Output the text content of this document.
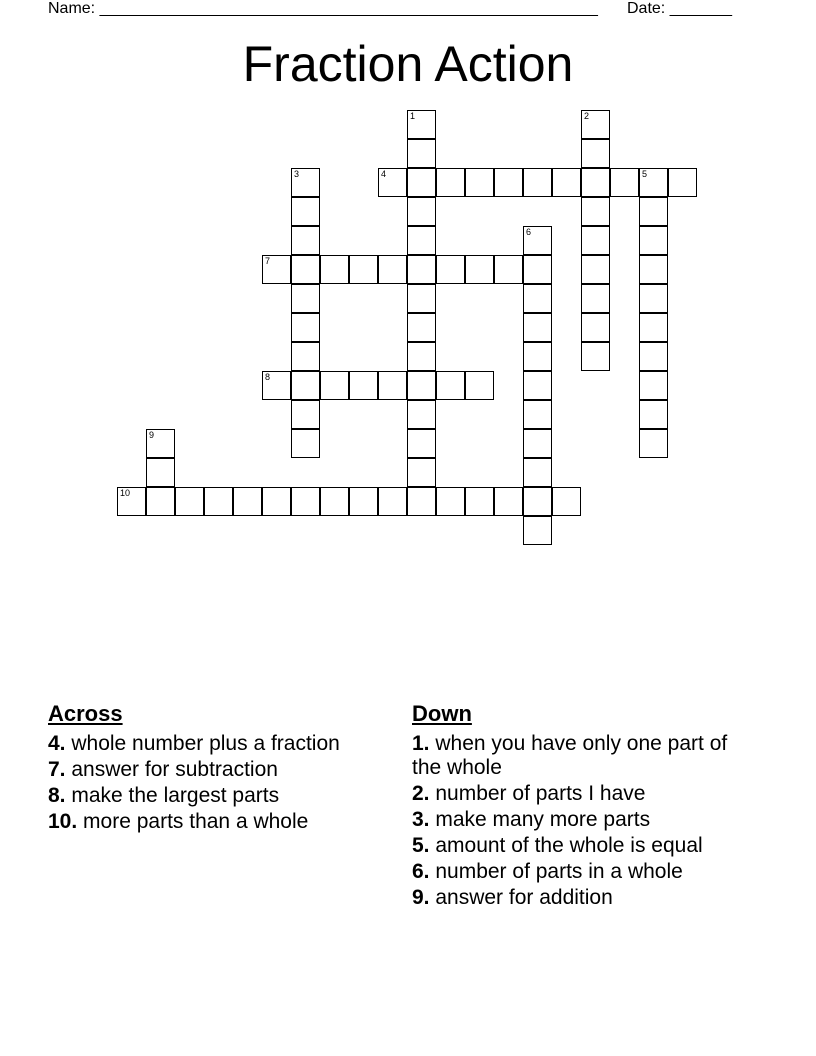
Name: ________________________________________________________ Date: _______
Fraction Action
1	2
3	4	5
6
7
8
9
10
Across
4. whole number plus a fraction
7. answer for subtraction
8. make the largest parts
10. more parts than a whole
Down
1. when you have only one part of the whole
2. number of parts I have
3. make many more parts
5. amount of the whole is equal
6. number of parts in a whole
9. answer for addition
